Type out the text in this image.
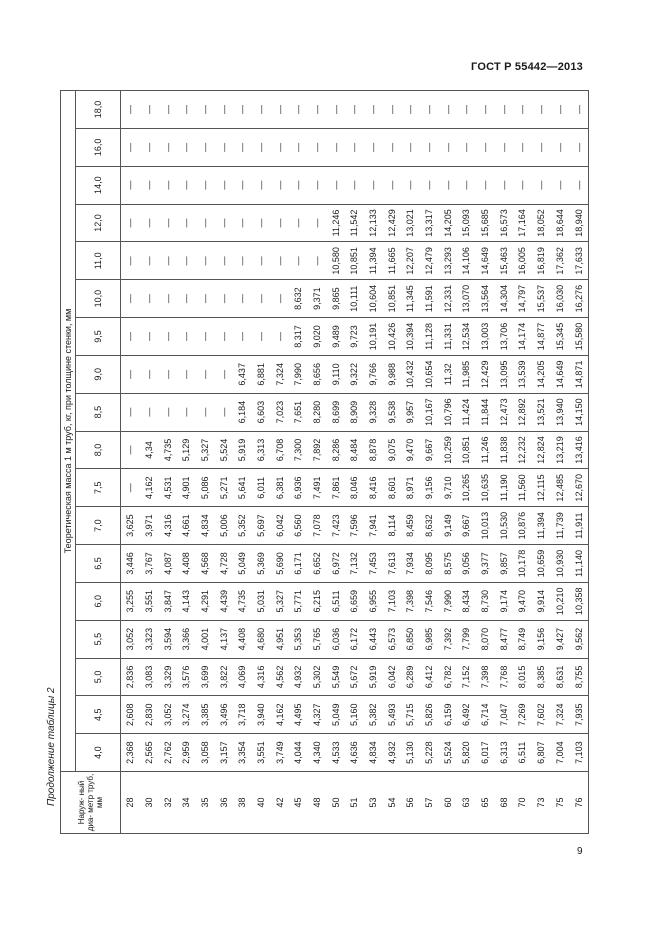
ГОСТ Р 55442—2013
Продолжение таблицы 2	Наруж- ный диа- метр труб, мм	Теоретическая масса 1 м труб, кг, при толщине стенки, мм																	
	4,0	4,5	5,0	5,5	6,0	6,5	7,0	7,5	8,0	8,5	9,0	9,5	10,0	11,0	12,0	14,0	16,0	18,0
28	2,368	2,608	2,836	3,052	3,255	3,446	3,625	—	—	—	—	—	—	—	—	—	—	—
30	2,565	2,830	3,083	3,323	3,551	3,767	3,971	4,162	4,34	—	—	—	—	—	—	—	—	—
32	2,762	3,052	3,329	3,594	3,847	4,087	4,316	4,531	4,735	—	—	—	—	—	—	—	—	—
34	2,959	3,274	3,576	3,366	4,143	4,408	4,661	4,901	5,129	—	—	—	—	—	—	—	—	—
35	3,058	3,385	3,699	4,001	4,291	4,568	4,834	5,086	5,327	—	—	—	—	—	—	—	—	—
36	3,157	3,496	3,822	4,137	4,439	4,728	5,006	5,271	5,524	—	—	—	—	—	—	—	—	—
38	3,354	3,718	4,069	4,408	4,735	5,049	5,352	5,641	5,919	6,184	6,437	—	—	—	—	—	—	—
40	3,551	3,940	4,316	4,680	5,031	5,369	5,697	6,011	6,313	6,603	6,881	—	—	—	—	—	—	—
42	3,749	4,162	4,562	4,951	5,327	5,690	6,042	6,381	6,708	7,023	7,324	—	—	—	—	—	—	—
45	4,044	4,495	4,932	5,353	5,771	6,171	6,560	6,936	7,300	7,651	7,990	8,317	8,632	—	—	—	—	—
48	4,340	4,327	5,302	5,765	6,215	6,652	7,078	7,491	7,892	8,280	8,656	9,020	9,371	—	—	—	—	—
50	4,533	5,049	5,549	6,036	6,511	6,972	7,423	7,861	8,286	8,699	9,110	9,489	9,865	10,580	11,246	—	—	—
51	4,636	5,160	5,672	6,172	6,659	7,132	7,596	8,046	8,484	8,909	9,322	9,723	10,111	10,851	11,542	—	—	—
53	4,834	5,382	5,919	6,443	6,955	7,453	7,941	8,416	8,878	9,328	9,766	10,191	10,604	11,394	12,133	—	—	—
54	4,932	5,493	6,042	6,573	7,103	7,613	8,114	8,601	9,075	9,538	9,988	10,426	10,851	11,665	12,429	—	—	—
56	5,130	5,715	6,289	6,850	7,398	7,934	8,459	8,971	9,470	9,957	10,432	10,394	11,345	12,207	13,021	—	—	—
57	5,228	5,826	6,412	6,985	7,546	8,095	8,632	9,156	9,667	10,167	10,654	11,128	11,591	12,479	13,317	—	—	—
60	5,524	6,159	6,782	7,392	7,990	8,575	9,149	9,710	10,259	10,796	11,32	11,331	12,331	13,293	14,205	—	—	—
63	5,820	6,492	7,152	7,799	8,434	9,056	9,667	10,265	10,851	11,424	11,985	12,534	13,070	14,106	15,093	—	—	—
65	6,017	6,714	7,398	8,070	8,730	9,377	10,013	10,635	11,246	11,844	12,429	13,003	13,564	14,649	15,685	—	—	—
68	6,313	7,047	7,768	8,477	9,174	9,857	10,530	11,190	11,838	12,473	13,095	13,706	14,304	15,463	16,573	—	—	—
70	6,511	7,269	8,015	8,749	9,470	10,178	10,876	11,560	12,232	12,892	13,539	14,174	14,797	16,005	17,164	—	—	—
73	6,807	7,602	8,385	9,156	9,914	10,659	11,394	12,115	12,824	13,521	14,205	14,877	15,537	16,819	18,052	—	—	—
75	7,004	7,324	8,631	9,427	10,210	10,930	11,739	12,485	13,219	13,940	14,649	15,345	16,030	17,362	18,644	—	—	—
76	7,103	7,935	8,755	9,562	10,358	11,140	11,911	12,670	13,416	14,150	14,871	15,580	16,276	17,633	18,940	—	—	—
9
